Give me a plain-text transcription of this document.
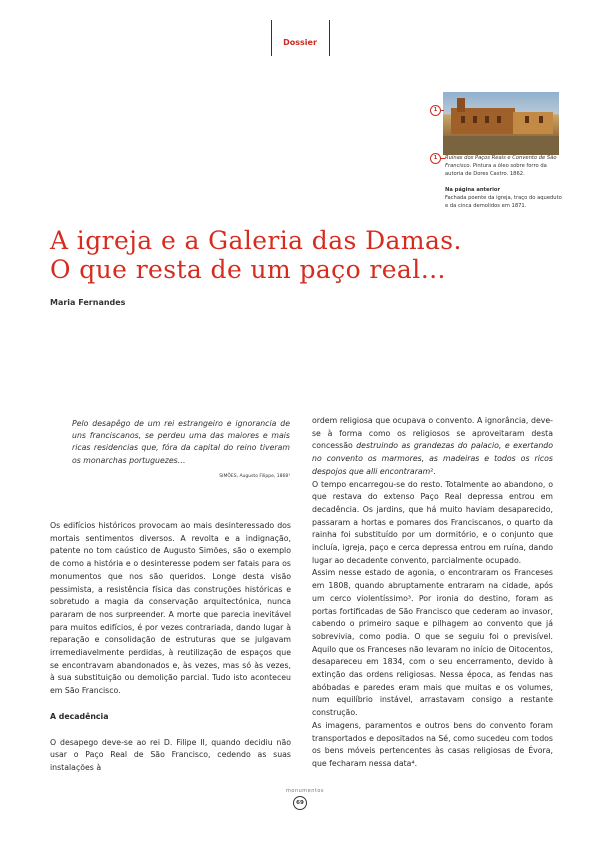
Dossier
1
1	Ruínas dos Paços Reais e Convento de São Francisco. Pintura a óleo sobre forro da autoria de Dores Castro. 1862.
Na página anterior
Fachada poente da igreja, traço do aqueduto e da cinca demolidos em 1871.
A igreja e a Galeria das Damas.
O que resta de um paço real…
Maria Fernandes
Pelo desapêgo de um rei estrangeiro e ignorancia de uns franciscanos, se perdeu uma das maiores e mais ricas residencias que, fóra da capital do reino tiveram os monarchas portuguezes…
SIMÕES, Augusto Filippe, 1868¹

Os edifícios históricos provocam ao mais desinteressado dos mortais sentimentos diversos. A revolta e a indignação, patente no tom caústico de Augusto Simões, são o exemplo de como a história e o desinteresse podem ser fatais para os monumentos que nos são queridos. Longe desta visão pessimista, a resistência física das construções históricas e sobretudo a magia da conservação arquitectónica, nunca pararam de nos surpreender. A morte que parecia inevitável para muitos edifícios, é por vezes contrariada, dando lugar à reparação e consolidação de estruturas que se julgavam irremediavelmente perdidas, à reutilização de espaços que se encontravam abandonados e, às vezes, mas só às vezes, à sua substituição ou demolição parcial. Tudo isto aconteceu em São Francisco.

A decadência

O desapego deve-se ao rei D. Filipe II, quando decidiu não usar o Paço Real de São Francisco, cedendo as suas instalações à

ordem religiosa que ocupava o convento. A ignorância, deve-se à forma como os religiosos se aproveitaram desta concessão destruindo as grandezas do palacio, e exertando no convento os marmores, as madeiras e todos os ricos despojos que alli encontraram².

O tempo encarregou-se do resto. Totalmente ao abandono, o que restava do extenso Paço Real depressa entrou em decadência. Os jardins, que há muito haviam desaparecido, passaram a hortas e pomares dos Franciscanos, o quarto da rainha foi substituído por um dormitório, e o conjunto que incluía, igreja, paço e cerca depressa entrou em ruína, dando lugar ao decadente convento, parcialmente ocupado.

Assim nesse estado de agonia, o encontraram os Franceses em 1808, quando abruptamente entraram na cidade, após um cerco violentíssimo³. Por ironia do destino, foram as portas fortificadas de São Francisco que cederam ao invasor, cabendo o primeiro saque e pilhagem ao convento que já sobrevivia, como podia. O que se seguiu foi o previsível. Aquilo que os Franceses não levaram no início de Oitocentos, desapareceu em 1834, com o seu encerramento, devido à extinção das ordens religiosas. Nessa época, as fendas nas abóbadas e paredes eram mais que muitas e os volumes, num equilíbrio instável, arrastavam consigo a restante construção.

As imagens, paramentos e outros bens do convento foram transportados e depositados na Sé, como sucedeu com todos os bens móveis pertencentes às casas religiosas de Évora, que fecharam nessa data⁴.

monumentos
69
